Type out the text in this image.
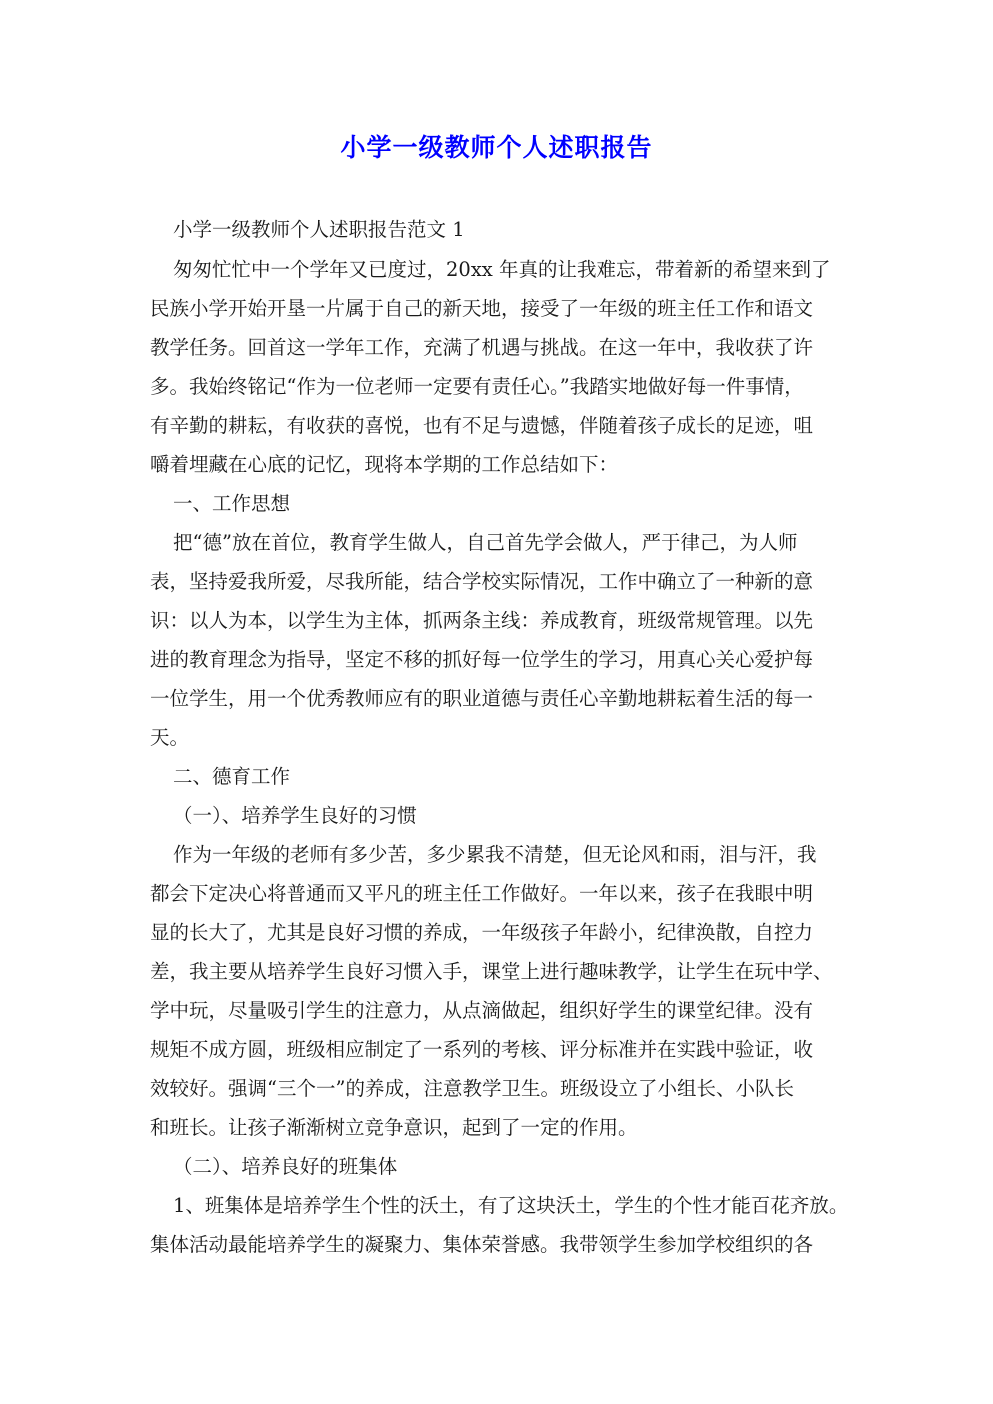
小学一级教师个人述职报告
小学一级教师个人述职报告范文 1
匆匆忙忙中一个学年又已度过，20xx 年真的让我难忘，带着新的希望来到了
民族小学开始开垦一片属于自己的新天地，接受了一年级的班主任工作和语文
教学任务。回首这一学年工作，充满了机遇与挑战。在这一年中，我收获了许
多。我始终铭记“作为一位老师一定要有责任心。”我踏实地做好每一件事情，
有辛勤的耕耘，有收获的喜悦，也有不足与遗憾，伴随着孩子成长的足迹，咀
嚼着埋藏在心底的记忆，现将本学期的工作总结如下：
一、工作思想
把“德”放在首位，教育学生做人，自己首先学会做人，严于律己，为人师
表，坚持爱我所爱，尽我所能，结合学校实际情况，工作中确立了一种新的意
识：以人为本，以学生为主体，抓两条主线：养成教育，班级常规管理。以先
进的教育理念为指导，坚定不移的抓好每一位学生的学习，用真心关心爱护每
一位学生，用一个优秀教师应有的职业道德与责任心辛勤地耕耘着生活的每一
天。
二、德育工作
（一）、培养学生良好的习惯
作为一年级的老师有多少苦，多少累我不清楚，但无论风和雨，泪与汗，我
都会下定决心将普通而又平凡的班主任工作做好。一年以来，孩子在我眼中明
显的长大了，尤其是良好习惯的养成，一年级孩子年龄小，纪律涣散，自控力
差，我主要从培养学生良好习惯入手，课堂上进行趣味教学，让学生在玩中学、
学中玩，尽量吸引学生的注意力，从点滴做起，组织好学生的课堂纪律。没有
规矩不成方圆，班级相应制定了一系列的考核、评分标准并在实践中验证，收
效较好。强调“三个一”的养成，注意教学卫生。班级设立了小组长、小队长
和班长。让孩子渐渐树立竞争意识，起到了一定的作用。
（二）、培养良好的班集体
1、班集体是培养学生个性的沃土，有了这块沃土，学生的个性才能百花齐放。
集体活动最能培养学生的凝聚力、集体荣誉感。我带领学生参加学校组织的各
